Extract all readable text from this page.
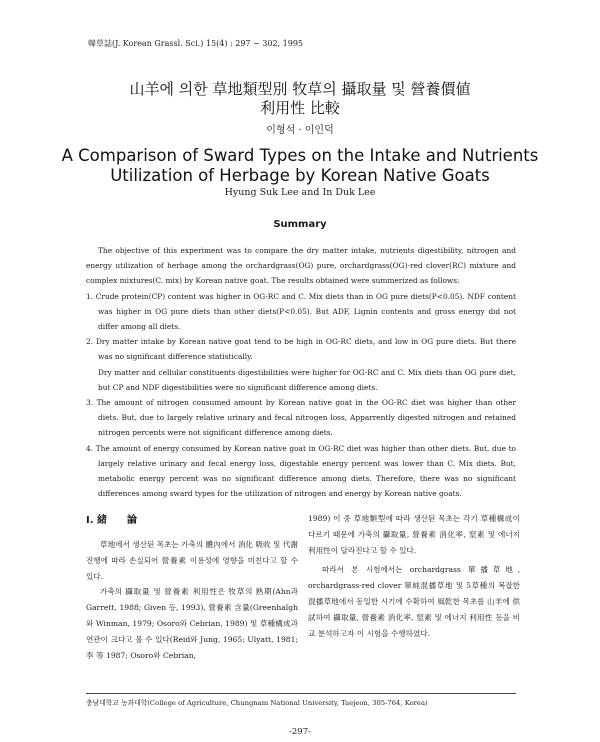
韓草誌(J. Korean Grassl. Sci.) 15(4) : 297 ~ 302, 1995
山羊에 의한 草地類型別 牧草의 攝取量 및 營養價値
利用性 比較
이형석 · 이인덕
A Comparison of Sward Types on the Intake and Nutrients
Utilization of Herbage by Korean Native Goats
Hyung Suk Lee and In Duk Lee
Summary

The objective of this experiment was to compare the dry matter intake, nutrients digestibility, nitrogen and energy utilization of herbage among the orchardgrass(OG) pure, orchardgrass(OG)-red clover(RC) mixture and complex mixtures(C. mix) by Korean native goat. The results obtained were summerized as follows:

1. Crude protein(CP) content was higher in OG-RC and C. Mix diets than in OG pure diets(P<0.05). NDF content was higher in OG pure diets than other diets(P<0.05). But ADF, Lignin contents and gross energy did not differ among all diets.

2. Dry matter intake by Korean native goat tend to be high in OG-RC diets, and low in OG pure diets. But there was no significant difference statistically.

Dry matter and cellular constituents digestibilities were higher for OG-RC and C. Mix diets than OG pure diet, but CP and NDF digestibilities were no significant difference among diets.

3. The amount of nitrogen consumed amount by Korean native goat in the OG-RC diet was higher than other diets. But, due to largely relative urinary and fecal nitrogen loss, Apparrently digested nitrogen and retained nitrogen percents were not significant difference among diets.

4. The amount of energy consumed by Korean native goat in OG-RC diet was higher than other diets. But, due to largely relative urinary and fecal energy loss, digestable energy percent was lower than C. Mix diets. But, metabolic energy percent was no significant difference among diets. Therefore, there was no significant differences among sward types for the utilization of nitrogen and energy by Korean native goats.

Ⅰ. 緒　　論

草地에서 생산된 목초는 가축의 體內에서 消化 吸收 및 代謝 진행에 따라 손실되어 營養素 이용성에 영향을 미친다고 할 수 있다.

가축의 攝取量 및 營養素 利用性은 牧草의 熟期(Ahn과 Garrett, 1988; Given 등, 1993), 營養素 含量(Greenhalgh와 Winman, 1979; Osoro와 Cebrian, 1989) 및 草種構成과 연관이 크다고 볼 수 있다(Reid와 Jung, 1965; Ulyatt, 1981; 李 等 1987; Osoro와 Cebrian,

1989) 이 중 草地類型에 따라 생산된 목초는 각기 草種構成이 다르기 때문에 가축의 攝取量, 營養素 消化率, 窒素 및 에너지 利用性이 달라진다고 할 수 있다.

따라서 본 시험에서는 orchardgrass 單播草地, orchardgrass-red clover 單純混播草地 및 5草種의 복잡한 混播草地에서 동일한 시기에 수확하여 風乾한 목초를 山羊에 供試하여 攝取量, 營養素 消化率, 窒素 및 에너지 利用性 등을 비교 분석하고자 이 시험을 수행하였다.

충남대학교 농과대학(College of Agriculture, Chungnam National University, Taejeon, 305-764, Korea)
-297-
